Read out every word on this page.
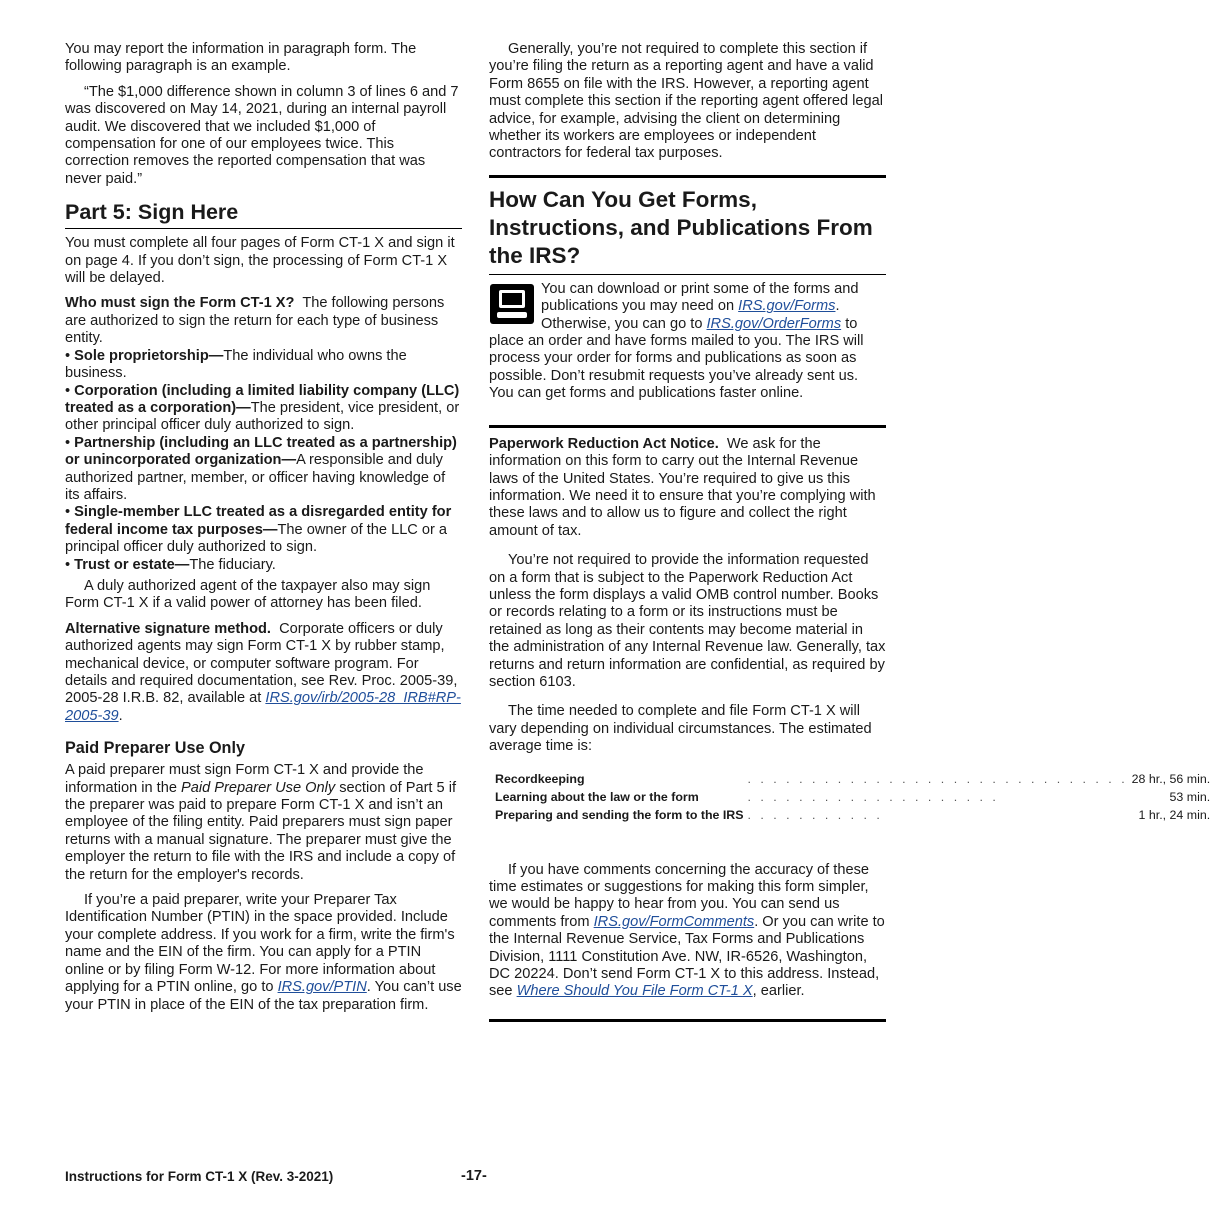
You may report the information in paragraph form. The following paragraph is an example.

“The $1,000 difference shown in column 3 of lines 6 and 7 was discovered on May 14, 2021, during an internal payroll audit. We discovered that we included $1,000 of compensation for one of our employees twice. This correction removes the reported compensation that was never paid.”

Part 5: Sign Here

You must complete all four pages of Form CT-1 X and sign it on page 4. If you don’t sign, the processing of Form CT-1 X will be delayed.

Who must sign the Form CT-1 X? The following persons are authorized to sign the return for each type of business entity.

• Sole proprietorship—The individual who owns the business.

• Corporation (including a limited liability company (LLC) treated as a corporation)—The president, vice president, or other principal officer duly authorized to sign.

• Partnership (including an LLC treated as a partnership) or unincorporated organization—A responsible and duly authorized partner, member, or officer having knowledge of its affairs.

• Single-member LLC treated as a disregarded entity for federal income tax purposes—The owner of the LLC or a principal officer duly authorized to sign.

• Trust or estate—The fiduciary.

A duly authorized agent of the taxpayer also may sign Form CT-1 X if a valid power of attorney has been filed.

Alternative signature method. Corporate officers or duly authorized agents may sign Form CT-1 X by rubber stamp, mechanical device, or computer software program. For details and required documentation, see Rev. Proc. 2005-39, 2005-28 I.R.B. 82, available at IRS.gov/irb/2005-28_IRB#RP-2005-39.

Paid Preparer Use Only

A paid preparer must sign Form CT-1 X and provide the information in the Paid Preparer Use Only section of Part 5 if the preparer was paid to prepare Form CT-1 X and isn’t an employee of the filing entity. Paid preparers must sign paper returns with a manual signature. The preparer must give the employer the return to file with the IRS and include a copy of the return for the employer's records.

If you’re a paid preparer, write your Preparer Tax Identification Number (PTIN) in the space provided. Include your complete address. If you work for a firm, write the firm's name and the EIN of the firm. You can apply for a PTIN online or by filing Form W-12. For more information about applying for a PTIN online, go to IRS.gov/PTIN. You can’t use your PTIN in place of the EIN of the tax preparation firm.

Generally, you’re not required to complete this section if you’re filing the return as a reporting agent and have a valid Form 8655 on file with the IRS. However, a reporting agent must complete this section if the reporting agent offered legal advice, for example, advising the client on determining whether its workers are employees or independent contractors for federal tax purposes.

How Can You Get Forms, Instructions, and Publications From the IRS?

You can download or print some of the forms and publications you may need on IRS.gov/Forms. Otherwise, you can go to IRS.gov/OrderForms to place an order and have forms mailed to you. The IRS will process your order for forms and publications as soon as possible. Don’t resubmit requests you’ve already sent us. You can get forms and publications faster online.

Paperwork Reduction Act Notice. We ask for the information on this form to carry out the Internal Revenue laws of the United States. You’re required to give us this information. We need it to ensure that you’re complying with these laws and to allow us to figure and collect the right amount of tax.

You’re not required to provide the information requested on a form that is subject to the Paperwork Reduction Act unless the form displays a valid OMB control number. Books or records relating to a form or its instructions must be retained as long as their contents may become material in the administration of any Internal Revenue law. Generally, tax returns and return information are confidential, as required by section 6103.

The time needed to complete and file Form CT-1 X will vary depending on individual circumstances. The estimated average time is:

Recordkeeping	. . . . . . . . . . . . . . . . . . . . . . . . . . . . . .	28 hr., 56 min.
Learning about the law or the form	. . . . . . . . . . . . . . . . . . . .	53 min.
Preparing and sending the form to the IRS	. . . . . . . . . . .	1 hr., 24 min.

If you have comments concerning the accuracy of these time estimates or suggestions for making this form simpler, we would be happy to hear from you. You can send us comments from IRS.gov/FormComments. Or you can write to the Internal Revenue Service, Tax Forms and Publications Division, 1111 Constitution Ave. NW, IR-6526, Washington, DC 20224. Don’t send Form CT-1 X to this address. Instead, see Where Should You File Form CT-1 X, earlier.

Instructions for Form CT-1 X (Rev. 3-2021)	-17-
